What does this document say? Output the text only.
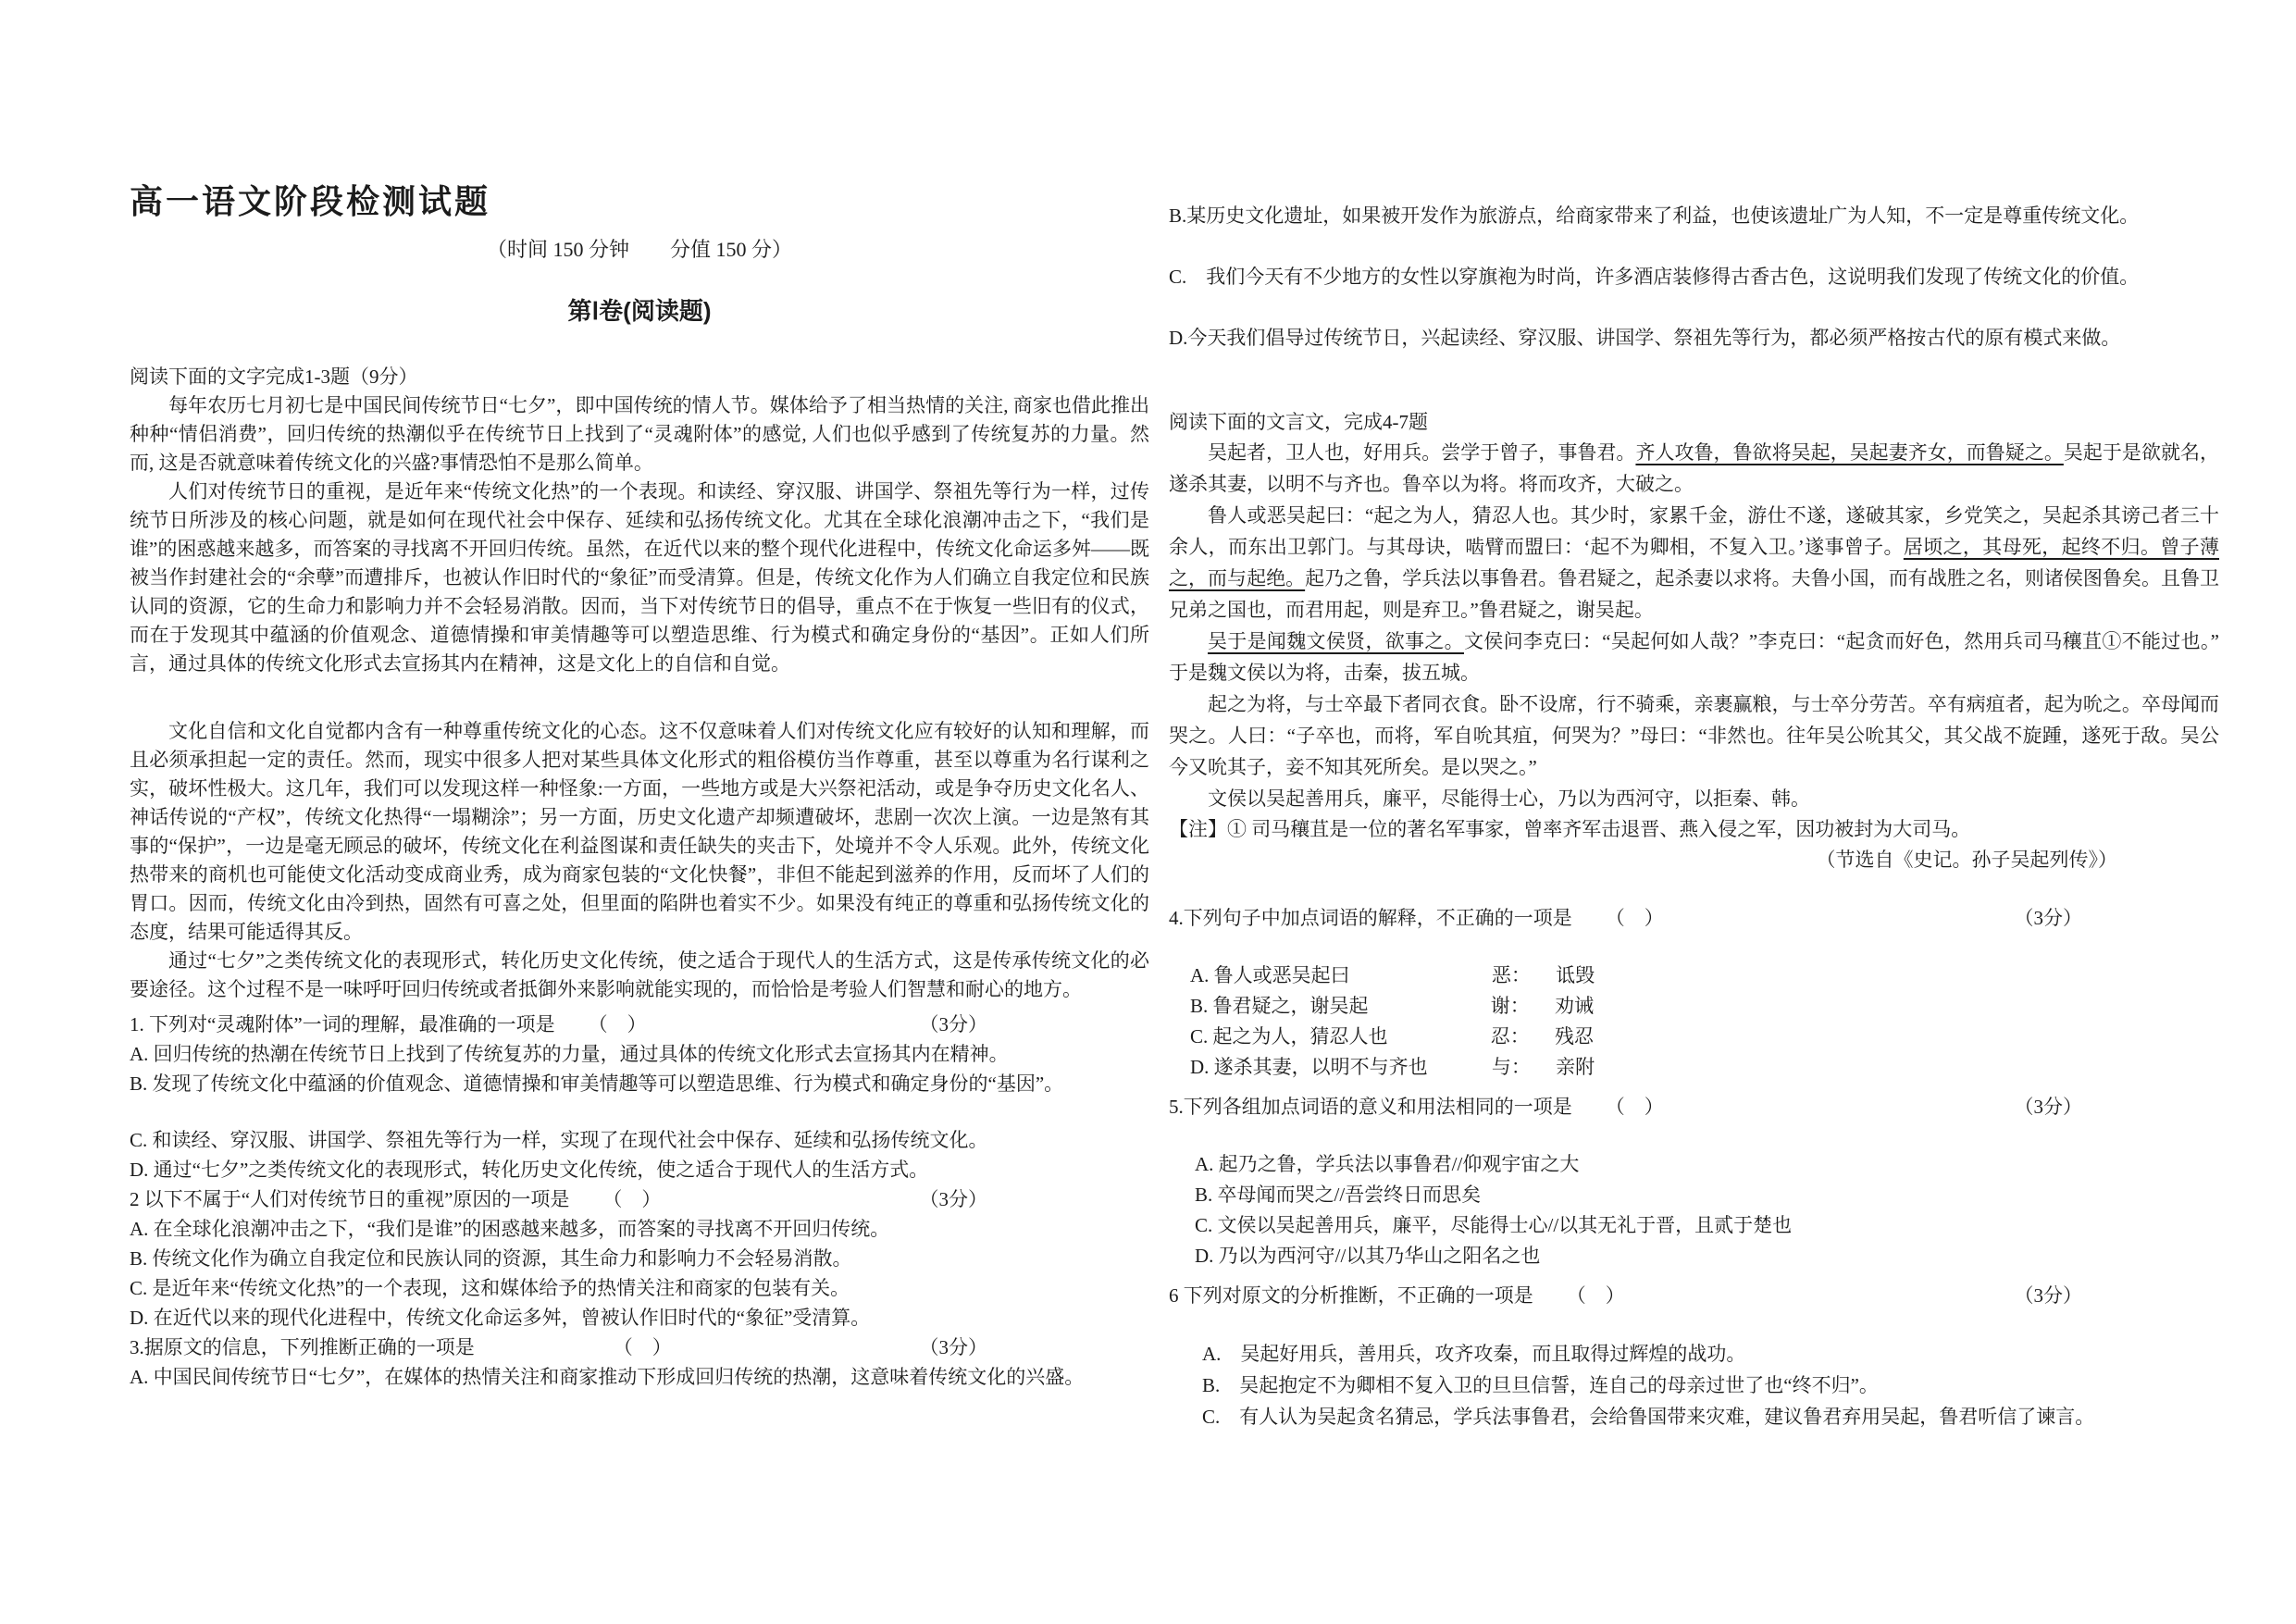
高一语文阶段检测试题
（时间 150 分钟　　分值 150 分）
第Ⅰ卷(阅读题)
阅读下面的文字完成1-3题（9分）

每年农历七月初七是中国民间传统节日“七夕”，即中国传统的情人节。媒体给予了相当热情的关注, 商家也借此推出种种“情侣消费”，回归传统的热潮似乎在传统节日上找到了“灵魂附体”的感觉, 人们也似乎感到了传统复苏的力量。然而, 这是否就意味着传统文化的兴盛?事情恐怕不是那么简单。

人们对传统节日的重视，是近年来“传统文化热”的一个表现。和读经、穿汉服、讲国学、祭祖先等行为一样，过传统节日所涉及的核心问题，就是如何在现代社会中保存、延续和弘扬传统文化。尤其在全球化浪潮冲击之下，“我们是谁”的困惑越来越多，而答案的寻找离不开回归传统。虽然，在近代以来的整个现代化进程中，传统文化命运多舛——既被当作封建社会的“余孽”而遭排斥，也被认作旧时代的“象征”而受清算。但是，传统文化作为人们确立自我定位和民族认同的资源，它的生命力和影响力并不会轻易消散。因而，当下对传统节日的倡导，重点不在于恢复一些旧有的仪式，而在于发现其中蕴涵的价值观念、道德情操和审美情趣等可以塑造思维、行为模式和确定身份的“基因”。正如人们所言，通过具体的传统文化形式去宣扬其内在精神，这是文化上的自信和自觉。

文化自信和文化自觉都内含有一种尊重传统文化的心态。这不仅意味着人们对传统文化应有较好的认知和理解，而且必须承担起一定的责任。然而，现实中很多人把对某些具体文化形式的粗俗模仿当作尊重，甚至以尊重为名行谋利之实，破坏性极大。这几年，我们可以发现这样一种怪象:一方面，一些地方或是大兴祭祀活动，或是争夺历史文化名人、神话传说的“产权”，传统文化热得“一塌糊涂”；另一方面，历史文化遗产却频遭破坏，悲剧一次次上演。一边是煞有其事的“保护”，一边是毫无顾忌的破坏，传统文化在利益图谋和责任缺失的夹击下，处境并不令人乐观。此外，传统文化热带来的商机也可能使文化活动变成商业秀，成为商家包装的“文化快餐”，非但不能起到滋养的作用，反而坏了人们的胃口。因而，传统文化由冷到热，固然有可喜之处，但里面的陷阱也着实不少。如果没有纯正的尊重和弘扬传统文化的态度，结果可能适得其反。

通过“七夕”之类传统文化的表现形式，转化历史文化传统，使之适合于现代人的生活方式，这是传承传统文化的必要途径。这个过程不是一味呼吁回归传统或者抵御外来影响就能实现的，而恰恰是考验人们智慧和耐心的地方。

1. 下列对“灵魂附体”一词的理解，最准确的一项是 （　）	（3分）

A. 回归传统的热潮在传统节日上找到了传统复苏的力量，通过具体的传统文化形式去宣扬其内在精神。

B. 发现了传统文化中蕴涵的价值观念、道德情操和审美情趣等可以塑造思维、行为模式和确定身份的“基因”。

C. 和读经、穿汉服、讲国学、祭祖先等行为一样，实现了在现代社会中保存、延续和弘扬传统文化。

D. 通过“七夕”之类传统文化的表现形式，转化历史文化传统，使之适合于现代人的生活方式。

2 以下不属于“人们对传统节日的重视”原因的一项是 （　）	（3分）

A. 在全球化浪潮冲击之下，“我们是谁”的困惑越来越多，而答案的寻找离不开回归传统。

B. 传统文化作为确立自我定位和民族认同的资源，其生命力和影响力不会轻易消散。

C. 是近年来“传统文化热”的一个表现，这和媒体给予的热情关注和商家的包装有关。

D. 在近代以来的现代化进程中，传统文化命运多舛，曾被认作旧时代的“象征”受清算。

3.据原文的信息，下列推断正确的一项是	（　）	（3分）

A. 中国民间传统节日“七夕”，在媒体的热情关注和商家推动下形成回归传统的热潮，这意味着传统文化的兴盛。

B.某历史文化遗址，如果被开发作为旅游点，给商家带来了利益，也使该遗址广为人知，不一定是尊重传统文化。

C.　我们今天有不少地方的女性以穿旗袍为时尚，许多酒店装修得古香古色，这说明我们发现了传统文化的价值。

D.今天我们倡导过传统节日，兴起读经、穿汉服、讲国学、祭祖先等行为，都必须严格按古代的原有模式来做。

阅读下面的文言文，完成4-7题

吴起者，卫人也，好用兵。尝学于曾子，事鲁君。齐人攻鲁，鲁欲将吴起，吴起妻齐女，而鲁疑之。吴起于是欲就名，遂杀其妻，以明不与齐也。鲁卒以为将。将而攻齐，大破之。

鲁人或恶吴起曰：“起之为人，猜忍人也。其少时，家累千金，游仕不遂，遂破其家，乡党笑之，吴起杀其谤己者三十余人，而东出卫郭门。与其母诀，啮臂而盟曰：‘起不为卿相，不复入卫。’遂事曾子。居顷之，其母死，起终不归。曾子薄之，而与起绝。起乃之鲁，学兵法以事鲁君。鲁君疑之，起杀妻以求将。夫鲁小国，而有战胜之名，则诸侯图鲁矣。且鲁卫兄弟之国也，而君用起，则是弃卫。”鲁君疑之，谢吴起。

吴于是闻魏文侯贤，欲事之。文侯问李克曰：“吴起何如人哉？”李克曰：“起贪而好色，然用兵司马穰苴①不能过也。”于是魏文侯以为将，击秦，拔五城。

起之为将，与士卒最下者同衣食。卧不设席，行不骑乘，亲裹赢粮，与士卒分劳苦。卒有病疽者，起为吮之。卒母闻而哭之。人曰：“子卒也，而将，军自吮其疽，何哭为？”母曰：“非然也。往年吴公吮其父，其父战不旋踵，遂死于敌。吴公今又吮其子，妾不知其死所矣。是以哭之。”

文侯以吴起善用兵，廉平，尽能得士心，乃以为西河守，以拒秦、韩。

【注】① 司马穰苴是一位的著名军事家，曾率齐军击退晋、燕入侵之军，因功被封为大司马。

（节选自《史记。孙子吴起列传》）

4.下列句子中加点词语的解释，不正确的一项是 （　）	（3分）

A. 鲁人或恶吴起曰	恶： 诋毁

B. 鲁君疑之，谢吴起	谢： 劝诫

C. 起之为人，猜忍人也	忍： 残忍

D. 遂杀其妻，以明不与齐也	与： 亲附

5.下列各组加点词语的意义和用法相同的一项是 （　）	（3分）

A. 起乃之鲁，学兵法以事鲁君//仰观宇宙之大

B. 卒母闻而哭之//吾尝终日而思矣

C. 文侯以吴起善用兵，廉平，尽能得士心//以其无礼于晋，且贰于楚也

D. 乃以为西河守//以其乃华山之阳名之也

6 下列对原文的分析推断，不正确的一项是 （　）	（3分）

A.　吴起好用兵，善用兵，攻齐攻秦，而且取得过辉煌的战功。

B.　吴起抱定不为卿相不复入卫的旦旦信誓，连自己的母亲过世了也“终不归”。

C.　有人认为吴起贪名猜忌，学兵法事鲁君，会给鲁国带来灾难，建议鲁君弃用吴起，鲁君听信了谏言。
